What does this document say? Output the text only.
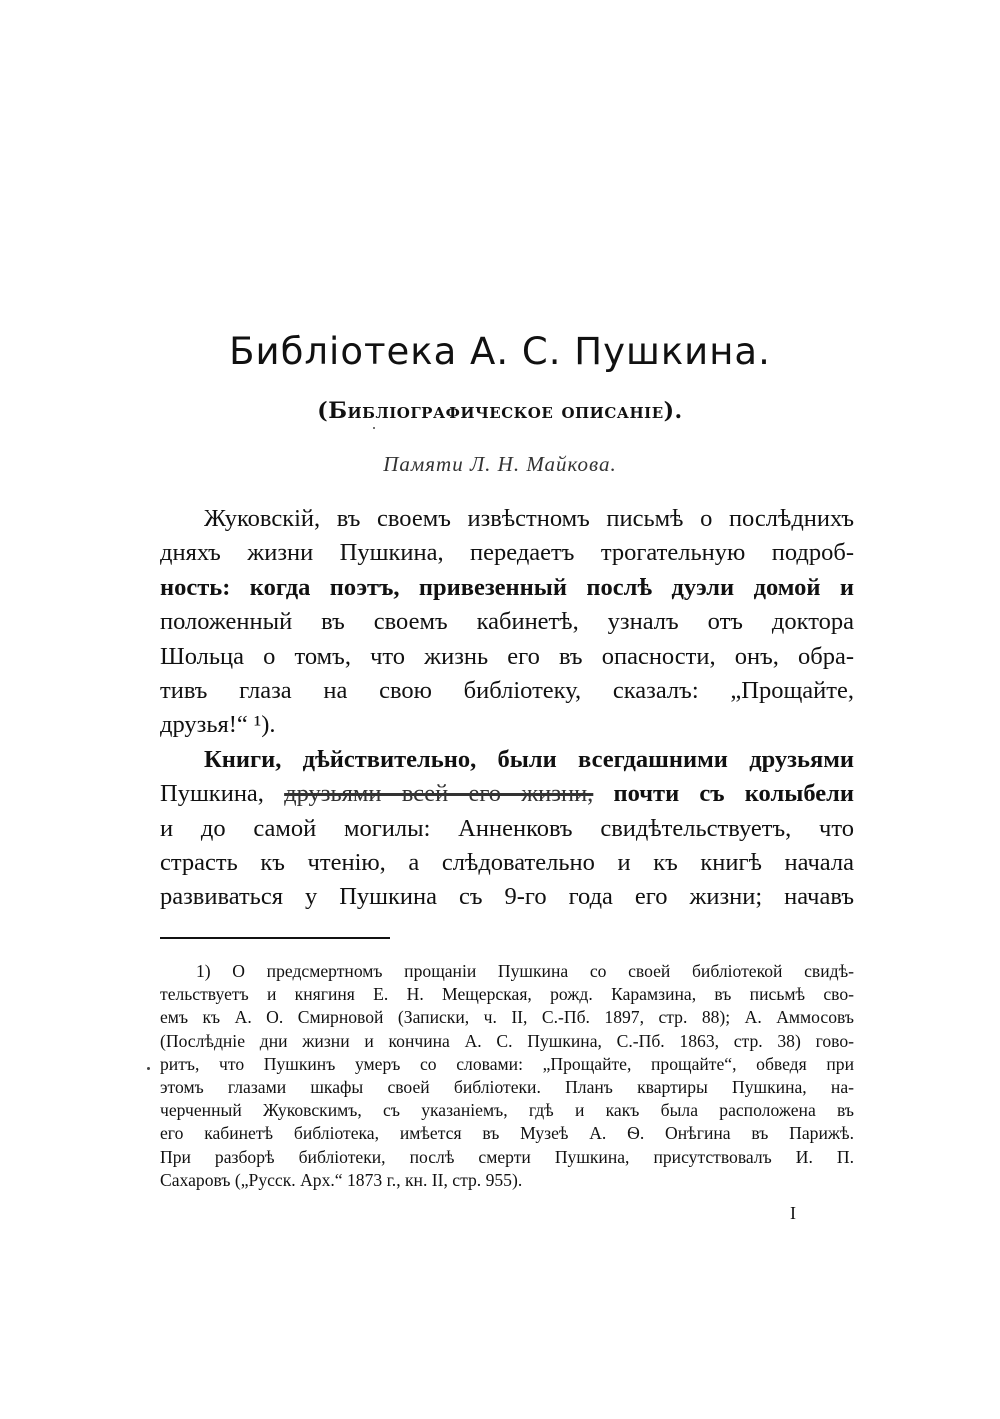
Библіотека А. С. Пушкина.
(Библіографическое описаніе).
Памяти Л. Н. Майкова.
Жуковскій, въ своемъ извѣстномъ письмѣ о послѣднихъ
дняхъ жизни Пушкина, передаетъ трогательную подроб-
ность: когда поэтъ, привезенный послѣ дуэли домой и
положенный въ своемъ кабинетѣ, узналъ отъ доктора
Шольца о томъ, что жизнь его въ опасности, онъ, обра-
тивъ глаза на свою библіотеку, сказалъ: „Прощайте,
друзья!“ ¹).
Книги, дѣйствительно, были всегдашними друзьями
Пушкина, друзьями всей его жизни, почти съ колыбели
и до самой могилы: Анненковъ свидѣтельствуетъ, что
страсть къ чтенію, а слѣдовательно и къ книгѣ начала
развиваться у Пушкина съ 9-го года его жизни; начавъ
1) О предсмертномъ прощаніи Пушкина со своей библіотекой свидѣ-
тельствуетъ и княгиня Е. Н. Мещерская, рожд. Карамзина, въ письмѣ сво-
емъ къ А. О. Смирновой (Записки, ч. II, С.-Пб. 1897, стр. 88); А. Аммосовъ
(Послѣдніе дни жизни и кончина А. С. Пушкина, С.-Пб. 1863, стр. 38) гово-
ритъ, что Пушкинъ умеръ со словами: „Прощайте, прощайте“, обведя при
этомъ глазами шкафы своей библіотеки. Планъ квартиры Пушкина, на-
черченный Жуковскимъ, съ указаніемъ, гдѣ и какъ была расположена въ
его кабинетѣ библіотека, имѣется въ Музеѣ А. Ѳ. Онѣгина въ Парижѣ.
При разборѣ библіотеки, послѣ смерти Пушкина, присутствовалъ И. П.
Сахаровъ („Русск. Арх.“ 1873 г., кн. II, стр. 955).
I
